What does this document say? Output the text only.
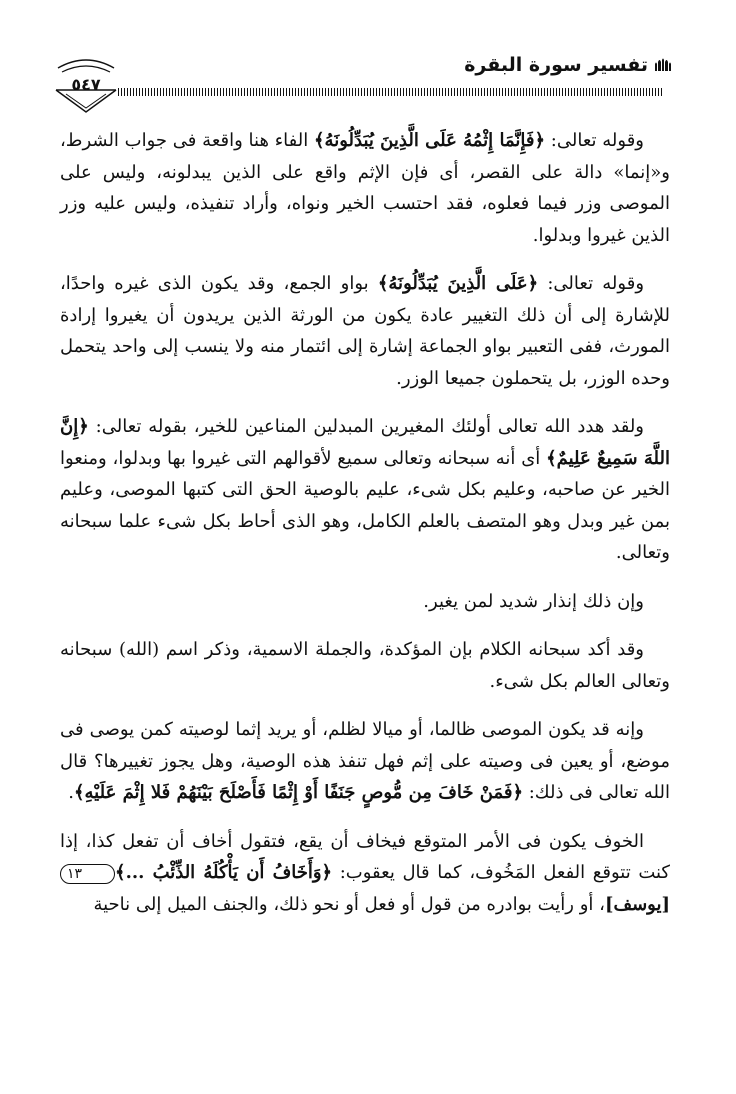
تفسير سورة البقرة
٥٤٧

وقوله تعالى: ﴿فَإِنَّمَا إِثْمُهُ عَلَى الَّذِينَ يُبَدِّلُونَهُ﴾ الفاء هنا واقعة فى جواب الشرط، و«إنما» دالة على القصر، أى فإن الإثم واقع على الذين يبدلونه، وليس على الموصى وزر فيما فعلوه، فقد احتسب الخير ونواه، وأراد تنفيذه، وليس عليه وزر الذين غيروا وبدلوا.

وقوله تعالى: ﴿عَلَى الَّذِينَ يُبَدِّلُونَهُ﴾ بواو الجمع، وقد يكون الذى غيره واحدًا، للإشارة إلى أن ذلك التغيير عادة يكون من الورثة الذين يريدون أن يغيروا إرادة المورث، ففى التعبير بواو الجماعة إشارة إلى ائتمار منه ولا ينسب إلى واحد يتحمل وحده الوزر، بل يتحملون جميعا الوزر.

ولقد هدد الله تعالى أولئك المغيرين المبدلين المناعين للخير، بقوله تعالى: ﴿إِنَّ اللَّهَ سَمِيعٌ عَلِيمٌ﴾ أى أنه سبحانه وتعالى سميع لأقوالهم التى غيروا بها وبدلوا، ومنعوا الخير عن صاحبه، وعليم بكل شىء، عليم بالوصية الحق التى كتبها الموصى، وعليم بمن غير وبدل وهو المتصف بالعلم الكامل، وهو الذى أحاط بكل شىء علما سبحانه وتعالى.

وإن ذلك إنذار شديد لمن يغير.

وقد أكد سبحانه الكلام بإن المؤكدة، والجملة الاسمية، وذكر اسم (الله) سبحانه وتعالى العالم بكل شىء.

وإنه قد يكون الموصى ظالما، أو ميالا لظلم، أو يريد إثما لوصيته كمن يوصى فى موضع، أو يعين فى وصيته على إثم فهل تنفذ هذه الوصية، وهل يجوز تغييرها؟ قال الله تعالى فى ذلك: ﴿فَمَنْ خَافَ مِن مُّوصٍ جَنَفًا أَوْ إِثْمًا فَأَصْلَحَ بَيْنَهُمْ فَلا إِثْمَ عَلَيْهِ﴾.

الخوف يكون فى الأمر المتوقع فيخاف أن يقع، فتقول أخاف أن تفعل كذا، إذا كنت تتوقع الفعل المَخُوف، كما قال يعقوب: ﴿وَأَخَافُ أَن يَأْكُلَهُ الذِّئْبُ ...﴾١٣ [يوسف]، أو رأيت بوادره من قول أو فعل أو نحو ذلك، والجنف الميل إلى ناحية
